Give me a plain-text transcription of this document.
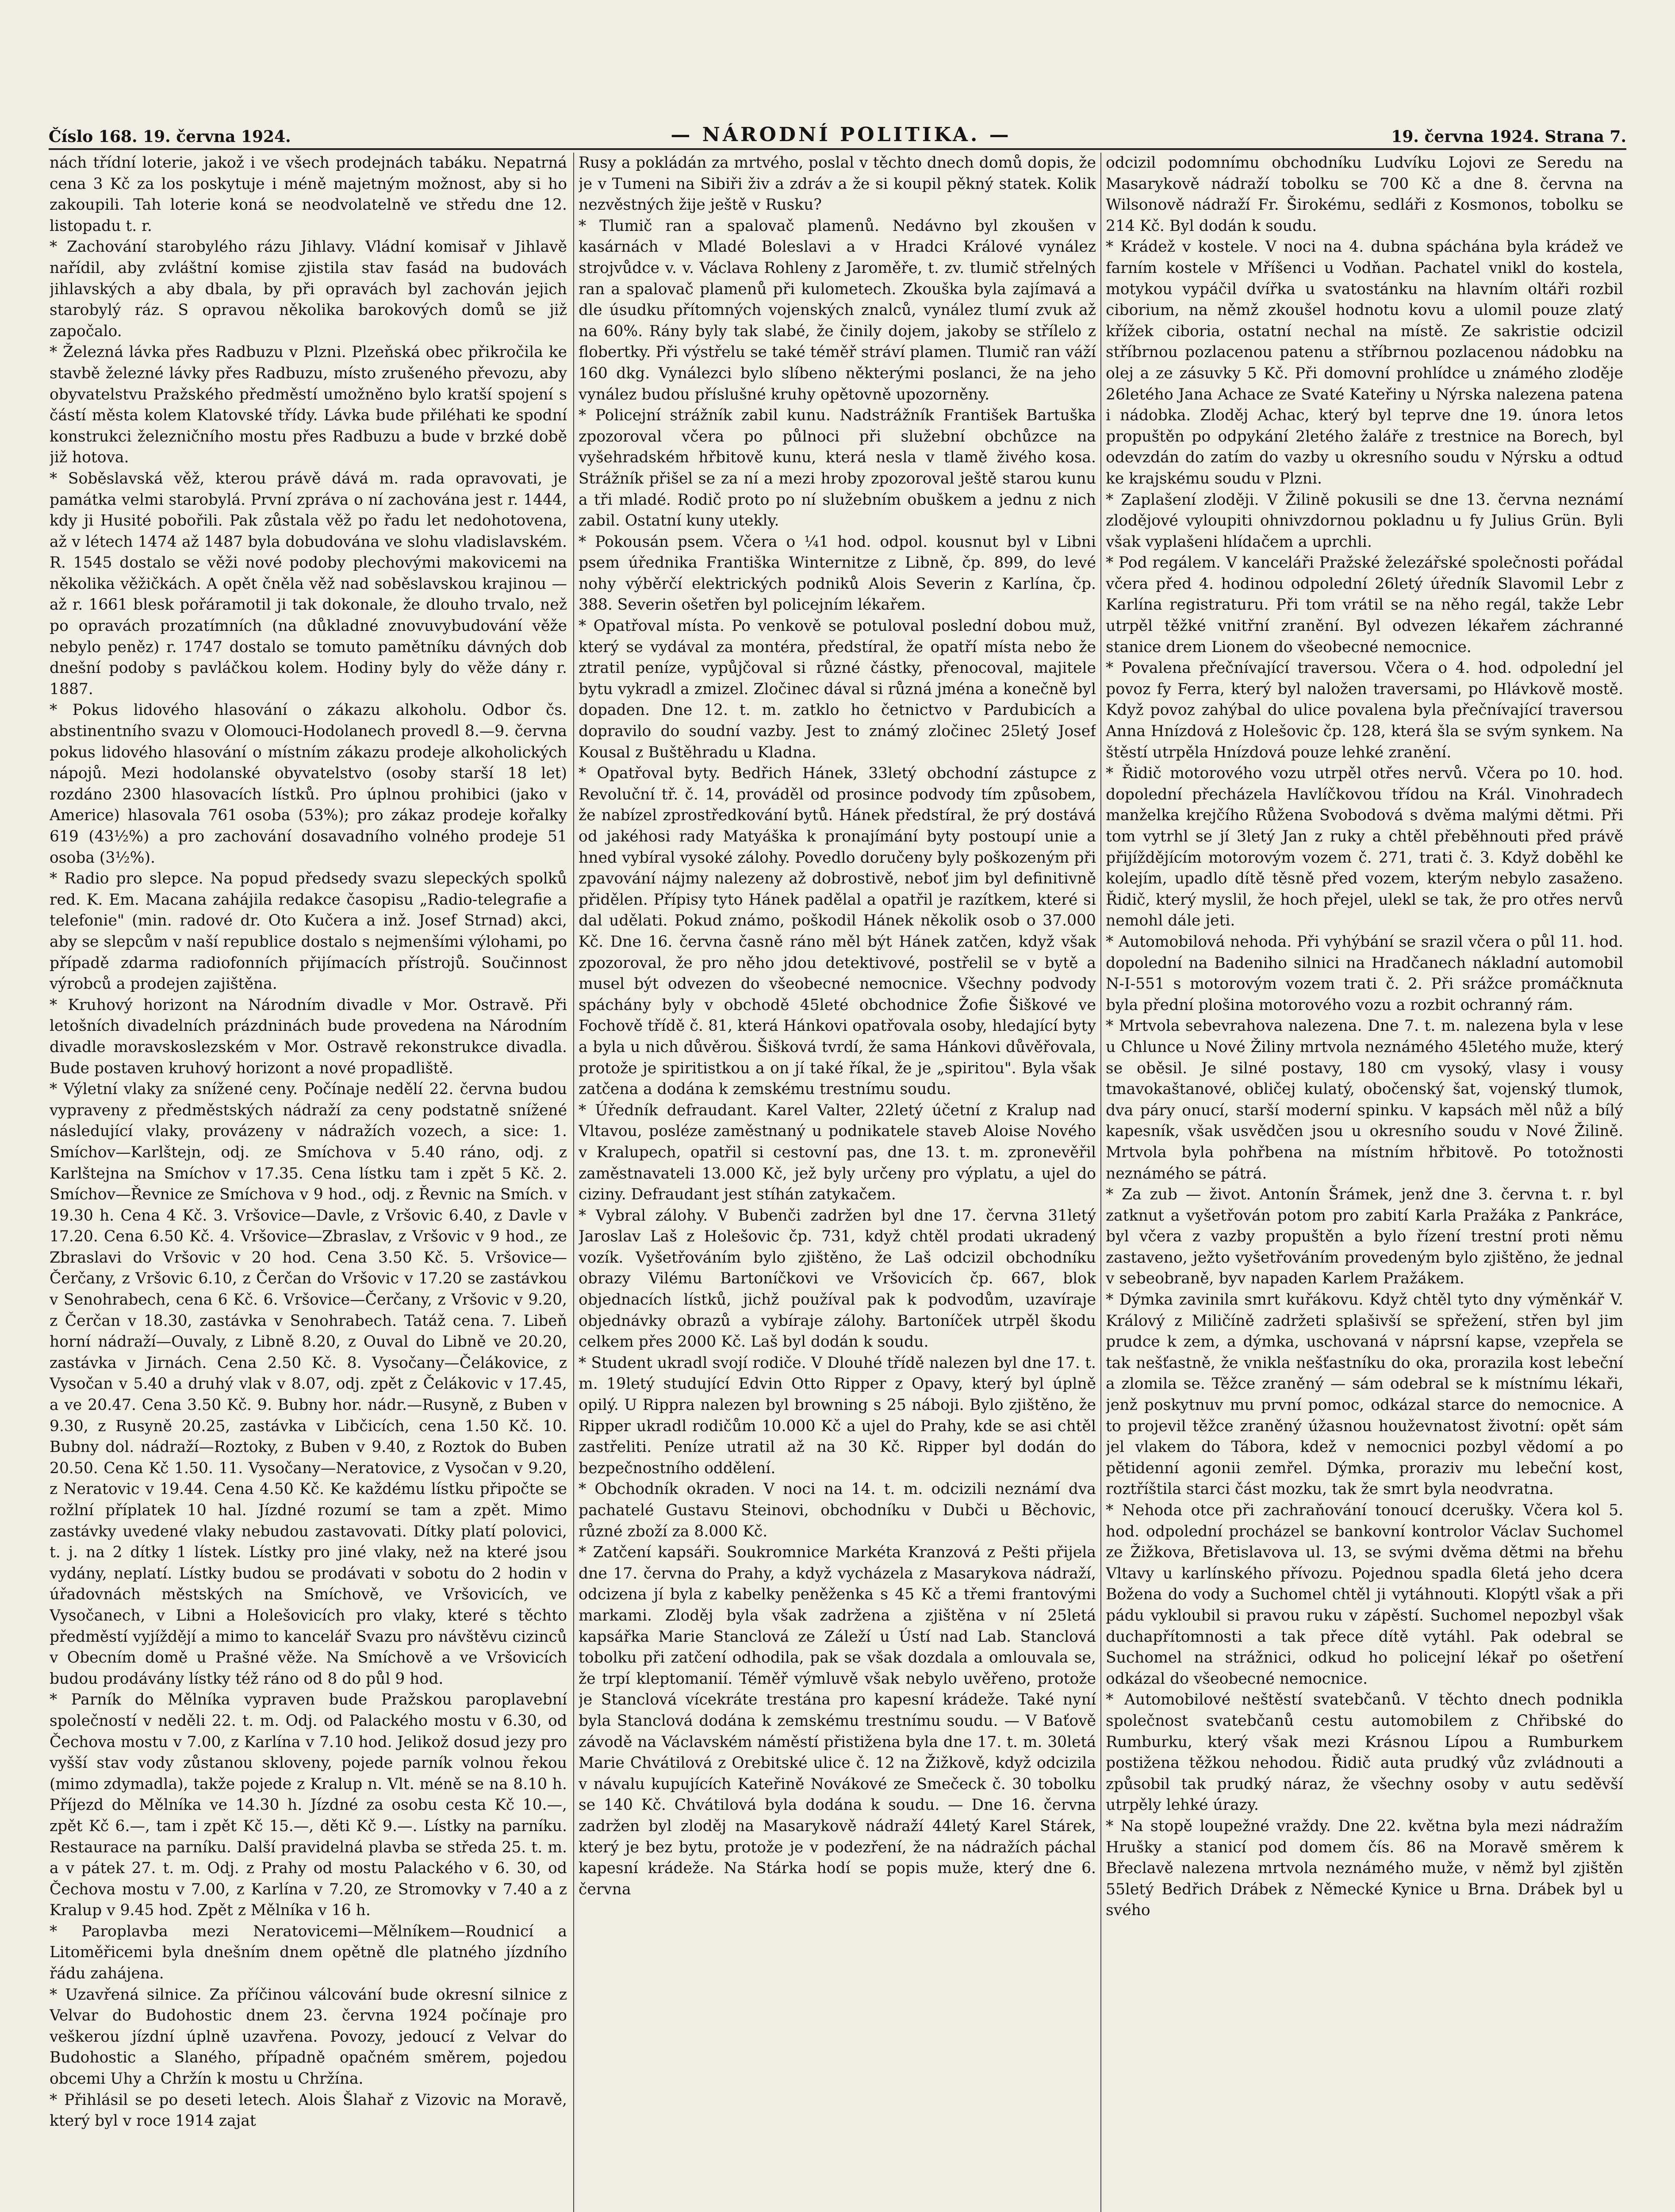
Číslo 168. 19. června 1924.	— NÁRODNÍ POLITIKA. —	19. června 1924. Strana 7.

nách třídní loterie, jakož i ve všech prodejnách tabáku. Nepatrná cena 3 Kč za los poskytuje i méně majetným možnost, aby si ho zakoupili. Tah loterie koná se neodvolatelně ve středu dne 12. listopadu t. r.

* Zachování starobylého rázu Jihlavy. Vládní komisař v Jihlavě nařídil, aby zvláštní komise zjistila stav fasád na budovách jihlavských a aby dbala, by při opravách byl zachován jejich starobylý ráz. S opravou několika barokových domů se již započalo.

* Železná lávka přes Radbuzu v Plzni. Plzeňská obec přikročila ke stavbě železné lávky přes Radbuzu, místo zrušeného převozu, aby obyvatelstvu Pražského předměstí umožněno bylo kratší spojení s částí města kolem Klatovské třídy. Lávka bude přiléhati ke spodní konstrukci železničního mostu přes Radbuzu a bude v brzké době již hotova.

* Soběslavská věž, kterou právě dává m. rada opravovati, je památka velmi starobylá. První zpráva o ní zachována jest r. 1444, kdy ji Husité pobořili. Pak zůstala věž po řadu let nedohotovena, až v létech 1474 až 1487 byla dobudována ve slohu vladislavském. R. 1545 dostalo se věži nové podoby plechovými makovicemi na několika věžičkách. A opět čněla věž nad soběslavskou krajinou — až r. 1661 blesk pořáramotil ji tak dokonale, že dlouho trvalo, než po opravách prozatímních (na důkladné znovuvybudování věže nebylo peněz) r. 1747 dostalo se tomuto pamětníku dávných dob dnešní podoby s pavláčkou kolem. Hodiny byly do věže dány r. 1887.

* Pokus lidového hlasování o zákazu alkoholu. Odbor čs. abstinentního svazu v Olomouci-Hodolanech provedl 8.—9. června pokus lidového hlasování o místním zákazu prodeje alkoholických nápojů. Mezi hodolanské obyvatelstvo (osoby starší 18 let) rozdáno 2300 hlasovacích lístků. Pro úplnou prohibici (jako v Americe) hlasovala 761 osoba (53%); pro zákaz prodeje kořalky 619 (43½%) a pro zachování dosavadního volného prodeje 51 osoba (3½%).

* Radio pro slepce. Na popud předsedy svazu slepeckých spolků red. K. Em. Macana zahájila redakce časopisu „Radio-telegrafie a telefonie" (min. radové dr. Oto Kučera a inž. Josef Strnad) akci, aby se slepcům v naší republice dostalo s nejmenšími výlohami, po případě zdarma radiofonních přijímacích přístrojů. Součinnost výrobců a prodejen zajištěna.

* Kruhový horizont na Národním divadle v Mor. Ostravě. Při letošních divadelních prázdninách bude provedena na Národním divadle moravskoslezském v Mor. Ostravě rekonstrukce divadla. Bude postaven kruhový horizont a nové propadliště.

* Výletní vlaky za snížené ceny. Počínaje nedělí 22. června budou vypraveny z předměstských nádraží za ceny podstatně snížené následující vlaky, provázeny v nádražích vozech, a sice: 1. Smíchov—Karlštejn, odj. ze Smíchova v 5.40 ráno, odj. z Karlštejna na Smíchov v 17.35. Cena lístku tam i zpět 5 Kč. 2. Smíchov—Řevnice ze Smíchova v 9 hod., odj. z Řevnic na Smích. v 19.30 h. Cena 4 Kč. 3. Vršovice—Davle, z Vršovic 6.40, z Davle v 17.20. Cena 6.50 Kč. 4. Vršovice—Zbraslav, z Vršovic v 9 hod., ze Zbraslavi do Vršovic v 20 hod. Cena 3.50 Kč. 5. Vršovice—Čerčany, z Vršovic 6.10, z Čerčan do Vršovic v 17.20 se zastávkou v Senohrabech, cena 6 Kč. 6. Vršovice—Čerčany, z Vršovic v 9.20, z Čerčan v 18.30, zastávka v Senohrabech. Tatáž cena. 7. Libeň horní nádraží—Ouvaly, z Libně 8.20, z Ouval do Libně ve 20.20, zastávka v Jirnách. Cena 2.50 Kč. 8. Vysočany—Čelákovice, z Vysočan v 5.40 a druhý vlak v 8.07, odj. zpět z Čelákovic v 17.45, a ve 20.47. Cena 3.50 Kč. 9. Bubny hor. nádr.—Rusyně, z Buben v 9.30, z Rusyně 20.25, zastávka v Libčicích, cena 1.50 Kč. 10. Bubny dol. nádraží—Roztoky, z Buben v 9.40, z Roztok do Buben 20.50. Cena Kč 1.50. 11. Vysočany—Neratovice, z Vysočan v 9.20, z Neratovic v 19.44. Cena 4.50 Kč. Ke každému lístku připočte se rožlní příplatek 10 hal. Jízdné rozumí se tam a zpět. Mimo zastávky uvedené vlaky nebudou zastavovati. Dítky platí polovici, t. j. na 2 dítky 1 lístek. Lístky pro jiné vlaky, než na které jsou vydány, neplatí. Lístky budou se prodávati v sobotu do 2 hodin v úřadovnách městských na Smíchově, ve Vršovicích, ve Vysočanech, v Libni a Holešovicích pro vlaky, které s těchto předměstí vyjíždějí a mimo to kancelář Svazu pro návštěvu cizinců v Obecním domě u Prašné věže. Na Smíchově a ve Vršovicích budou prodávány lístky též ráno od 8 do půl 9 hod.

* Parník do Mělníka vypraven bude Pražskou paroplavební společností v neděli 22. t. m. Odj. od Palackého mostu v 6.30, od Čechova mostu v 7.00, z Karlína v 7.10 hod. Jelikož dosud jezy pro vyšší stav vody zůstanou skloveny, pojede parník volnou řekou (mimo zdymadla), takže pojede z Kralup n. Vlt. méně se na 8.10 h. Příjezd do Mělníka ve 14.30 h. Jízdné za osobu cesta Kč 10.—, zpět Kč 6.—, tam i zpět Kč 15.—, děti Kč 9.—. Lístky na parníku. Restaurace na parníku. Další pravidelná plavba se středa 25. t. m. a v pátek 27. t. m. Odj. z Prahy od mostu Palackého v 6. 30, od Čechova mostu v 7.00, z Karlína v 7.20, ze Stromovky v 7.40 a z Kralup v 9.45 hod. Zpět z Mělníka v 16 h.

* Paroplavba mezi Neratovicemi—Mělníkem—Roudnicí a Litoměřicemi byla dnešním dnem opětně dle platného jízdního řádu zahájena.

* Uzavřená silnice. Za příčinou válcování bude okresní silnice z Velvar do Budohostic dnem 23. června 1924 počínaje pro veškerou jízdní úplně uzavřena. Povozy, jedoucí z Velvar do Budohostic a Slaného, případně opačném směrem, pojedou obcemi Uhy a Chržín k mostu u Chržína.

* Přihlásil se po deseti letech. Alois Šlahař z Vizovic na Moravě, který byl v roce 1914 zajat

Rusy a pokládán za mrtvého, poslal v těchto dnech domů dopis, že je v Tumeni na Sibiři živ a zdráv a že si koupil pěkný statek. Kolik nezvěstných žije ještě v Rusku?

* Tlumič ran a spalovač plamenů. Nedávno byl zkoušen v kasárnách v Mladé Boleslavi a v Hradci Králové vynález strojvůdce v. v. Václava Rohleny z Jaroměře, t. zv. tlumič střelných ran a spalovač plamenů při kulometech. Zkouška byla zajímavá a dle úsudku přítomných vojenských znalců, vynález tlumí zvuk až na 60%. Rány byly tak slabé, že činily dojem, jakoby se střílelo z flobertky. Při výstřelu se také téměř stráví plamen. Tlumič ran váží 160 dkg. Vynálezci bylo slíbeno některými poslanci, že na jeho vynález budou příslušné kruhy opětovně upozorněny.

* Policejní strážník zabil kunu. Nadstrážník František Bartuška zpozoroval včera po půlnoci při služební obchůzce na vyšehradském hřbitově kunu, která nesla v tlamě živého kosa. Strážník přišel se za ní a mezi hroby zpozoroval ještě starou kunu a tři mladé. Rodič proto po ní služebním obuškem a jednu z nich zabil. Ostatní kuny utekly.

* Pokousán psem. Včera o ¼1 hod. odpol. kousnut byl v Libni psem úřednika Františka Winternitze z Libně, čp. 899, do levé nohy výběrčí elektrických podniků Alois Severin z Karlína, čp. 388. Severin ošetřen byl policejním lékařem.

* Opatřoval místa. Po venkově se potuloval poslední dobou muž, který se vydával za montéra, předstíral, že opatří místa nebo že ztratil peníze, vypůjčoval si různé částky, přenocoval, majitele bytu vykradl a zmizel. Zločinec dával si různá jména a konečně byl dopaden. Dne 12. t. m. zatklo ho četnictvo v Pardubicích a dopravilo do soudní vazby. Jest to známý zločinec 25letý Josef Kousal z Buštěhradu u Kladna.

* Opatřoval byty. Bedřich Hánek, 33letý obchodní zástupce z Revoluční tř. č. 14, prováděl od prosince podvody tím způsobem, že nabízel zprostředkování bytů. Hánek předstíral, že prý dostává od jakéhosi rady Matyáška k pronajímání byty postoupí unie a hned vybíral vysoké zálohy. Povedlo doručeny byly poškozeným při zpavování nájmy nalezeny až dobrostivě, neboť jim byl definitivně přidělen. Přípisy tyto Hánek padělal a opatřil je razítkem, které si dal udělati. Pokud známo, poškodil Hánek několik osob o 37.000 Kč. Dne 16. června časně ráno měl být Hánek zatčen, když však zpozoroval, že pro něho jdou detektivové, postřelil se v bytě a musel být odvezen do všeobecné nemocnice. Všechny podvody spáchány byly v obchodě 45leté obchodnice Žofie Šiškové ve Fochově třídě č. 81, která Hánkovi opatřovala osoby, hledající byty a byla u nich důvěrou. Šišková tvrdí, že sama Hánkovi důvěřovala, protože je spiritistkou a on jí také říkal, že je „spiritou". Byla však zatčena a dodána k zemskému trestnímu soudu.

* Úředník defraudant. Karel Valter, 22letý účetní z Kralup nad Vltavou, posléze zaměstnaný u podnikatele staveb Aloise Nového v Kralupech, opatřil si cestovní pas, dne 13. t. m. zpronevěřil zaměstnavateli 13.000 Kč, jež byly určeny pro výplatu, a ujel do ciziny. Defraudant jest stíhán zatykačem.

* Vybral zálohy. V Bubenči zadržen byl dne 17. června 31letý Jaroslav Laš z Holešovic čp. 731, když chtěl prodati ukradený vozík. Vyšetřováním bylo zjištěno, že Laš odcizil obchodníku obrazy Vilému Bartoníčkovi ve Vršovicích čp. 667, blok objednacích lístků, jichž používal pak k podvodům, uzavíraje objednávky obrazů a vybíraje zálohy. Bartoníček utrpěl škodu celkem přes 2000 Kč. Laš byl dodán k soudu.

* Student ukradl svojí rodiče. V Dlouhé třídě nalezen byl dne 17. t. m. 19letý studující Edvin Otto Ripper z Opavy, který byl úplně opilý. U Rippra nalezen byl browning s 25 náboji. Bylo zjištěno, že Ripper ukradl rodičům 10.000 Kč a ujel do Prahy, kde se asi chtěl zastřeliti. Peníze utratil až na 30 Kč. Ripper byl dodán do bezpečnostního oddělení.

* Obchodník okraden. V noci na 14. t. m. odcizili neznámí dva pachatelé Gustavu Steinovi, obchodníku v Dubči u Běchovic, různé zboží za 8.000 Kč.

* Zatčení kapsáři. Soukromnice Markéta Kranzová z Pešti přijela dne 17. června do Prahy, a když vycházela z Masarykova nádraží, odcizena jí byla z kabelky peněženka s 45 Kč a třemi frantovými markami. Zloděj byla však zadržena a zjištěna v ní 25letá kapsářka Marie Stanclová ze Záleží u Ústí nad Lab. Stanclová tobolku při zatčení odhodila, pak se však dozdala a omlouvala se, že trpí kleptomanií. Téměř výmluvě však nebylo uvěřeno, protože je Stanclová vícekráte trestána pro kapesní krádeže. Také nyní byla Stanclová dodána k zemskému trestnímu soudu. — V Baťově závodě na Václavském náměstí přistižena byla dne 17. t. m. 30letá Marie Chvátilová z Orebitské ulice č. 12 na Žižkově, když odcizila v návalu kupujících Kateřině Novákové ze Smečeck č. 30 tobolku se 140 Kč. Chvátilová byla dodána k soudu. — Dne 16. června zadržen byl zloděj na Masarykově nádraží 44letý Karel Stárek, který je bez bytu, protože je v podezření, že na nádražích páchal kapesní krádeže. Na Stárka hodí se popis muže, který dne 6. června

odcizil podomnímu obchodníku Ludvíku Lojovi ze Seredu na Masarykově nádraží tobolku se 700 Kč a dne 8. června na Wilsonově nádraží Fr. Širokému, sedláři z Kosmonos, tobolku se 214 Kč. Byl dodán k soudu.

* Krádež v kostele. V noci na 4. dubna spáchána byla krádež ve farním kostele v Mříšenci u Vodňan. Pachatel vnikl do kostela, motykou vypáčil dvířka u svatostánku na hlavním oltáři rozbil ciborium, na němž zkoušel hodnotu kovu a ulomil pouze zlatý křížek ciboria, ostatní nechal na místě. Ze sakristie odcizil stříbrnou pozlacenou patenu a stříbrnou pozlacenou nádobku na olej a ze zásuvky 5 Kč. Při domovní prohlídce u známého zloděje 26letého Jana Achace ze Svaté Kateřiny u Nýrska nalezena patena i nádobka. Zloděj Achac, který byl teprve dne 19. února letos propuštěn po odpykání 2letého žaláře z trestnice na Borech, byl odevzdán do zatím do vazby u okresního soudu v Nýrsku a odtud ke krajskému soudu v Plzni.

* Zaplašení zloději. V Žilině pokusili se dne 13. června neznámí zlodějové vyloupiti ohnivzdornou pokladnu u fy Julius Grün. Byli však vyplašeni hlídačem a uprchli.

* Pod regálem. V kanceláři Pražské železářské společnosti pořádal včera před 4. hodinou odpolední 26letý úředník Slavomil Lebr z Karlína registraturu. Při tom vrátil se na něho regál, takže Lebr utrpěl těžké vnitřní zranění. Byl odvezen lékařem záchranné stanice drem Lionem do všeobecné nemocnice.

* Povalena přečnívající traversou. Včera o 4. hod. odpolední jel povoz fy Ferra, který byl naložen traversami, po Hlávkově mostě. Když povoz zahýbal do ulice povalena byla přečnívající traversou Anna Hnízdová z Holešovic čp. 128, která šla se svým synkem. Na štěstí utrpěla Hnízdová pouze lehké zranění.

* Řidič motorového vozu utrpěl otřes nervů. Včera po 10. hod. dopolední přecházela Havlíčkovou třídou na Král. Vinohradech manželka krejčího Růžena Svobodová s dvěma malými dětmi. Při tom vytrhl se jí 3letý Jan z ruky a chtěl přeběhnouti před právě přijíždějícím motorovým vozem č. 271, trati č. 3. Když doběhl ke kolejím, upadlo dítě těsně před vozem, kterým nebylo zasaženo. Řidič, který myslil, že hoch přejel, ulekl se tak, že pro otřes nervů nemohl dále jeti.

* Automobilová nehoda. Při vyhýbání se srazil včera o půl 11. hod. dopolední na Badeniho silnici na Hradčanech nákladní automobil N-I-551 s motorovým vozem trati č. 2. Při srážce promáčknuta byla přední plošina motorového vozu a rozbit ochranný rám.

* Mrtvola sebevrahova nalezena. Dne 7. t. m. nalezena byla v lese u Chlunce u Nové Žiliny mrtvola neznámého 45letého muže, který se oběsil. Je silné postavy, 180 cm vysoký, vlasy i vousy tmavokaštanové, obličej kulatý, obočenský šat, vojenský tlumok, dva páry onucí, starší moderní spinku. V kapsách měl nůž a bílý kapesník, však usvědčen jsou u okresního soudu v Nové Žilině. Mrtvola byla pohřbena na místním hřbitově. Po totožnosti neznámého se pátrá.

* Za zub — život. Antonín Šrámek, jenž dne 3. června t. r. byl zatknut a vyšetřován potom pro zabití Karla Pražáka z Pankráce, byl včera z vazby propuštěn a bylo řízení trestní proti němu zastaveno, ježto vyšetřováním provedeným bylo zjištěno, že jednal v sebeobraně, byv napaden Karlem Pražákem.

* Dýmka zavinila smrt kuřákovu. Když chtěl tyto dny výměnkář V. Králový z Miličíně zadržeti splašivší se spřežení, střen byl jim prudce k zem, a dýmka, uschovaná v náprsní kapse, vzepřela se tak nešťastně, že vnikla nešťastníku do oka, prorazila kost lebeční a zlomila se. Těžce zraněný — sám odebral se k místnímu lékaři, jenž poskytnuv mu první pomoc, odkázal starce do nemocnice. A to projevil těžce zraněný úžasnou houževnatost životní: opět sám jel vlakem do Tábora, kdež v nemocnici pozbyl vědomí a po pětidenní agonii zemřel. Dýmka, proraziv mu lebeční kost, roztříštila starci část mozku, tak že smrt byla neodvratna.

* Nehoda otce při zachraňování tonoucí dcerušky. Včera kol 5. hod. odpolední procházel se bankovní kontrolor Václav Suchomel ze Žižkova, Břetislavova ul. 13, se svými dvěma dětmi na břehu Vltavy u karlínského přívozu. Pojednou spadla 6letá jeho dcera Božena do vody a Suchomel chtěl ji vytáhnouti. Klopýtl však a při pádu vykloubil si pravou ruku v zápěstí. Suchomel nepozbyl však duchapřítomnosti a tak přece dítě vytáhl. Pak odebral se Suchomel na strážnici, odkud ho policejní lékař po ošetření odkázal do všeobecné nemocnice.

* Automobilové neštěstí svatebčanů. V těchto dnech podnikla společnost svatebčanů cestu automobilem z Chřibské do Rumburku, který však mezi Krásnou Lípou a Rumburkem postižena těžkou nehodou. Řidič auta prudký vůz zvládnouti a způsobil tak prudký náraz, že všechny osoby v autu seděvší utrpěly lehké úrazy.

* Na stopě loupežné vraždy. Dne 22. května byla mezi nádražím Hrušky a stanicí pod domem čís. 86 na Moravě směrem k Břeclavě nalezena mrtvola neznámého muže, v němž byl zjištěn 55letý Bedřich Drábek z Německé Kynice u Brna. Drábek byl u svého
